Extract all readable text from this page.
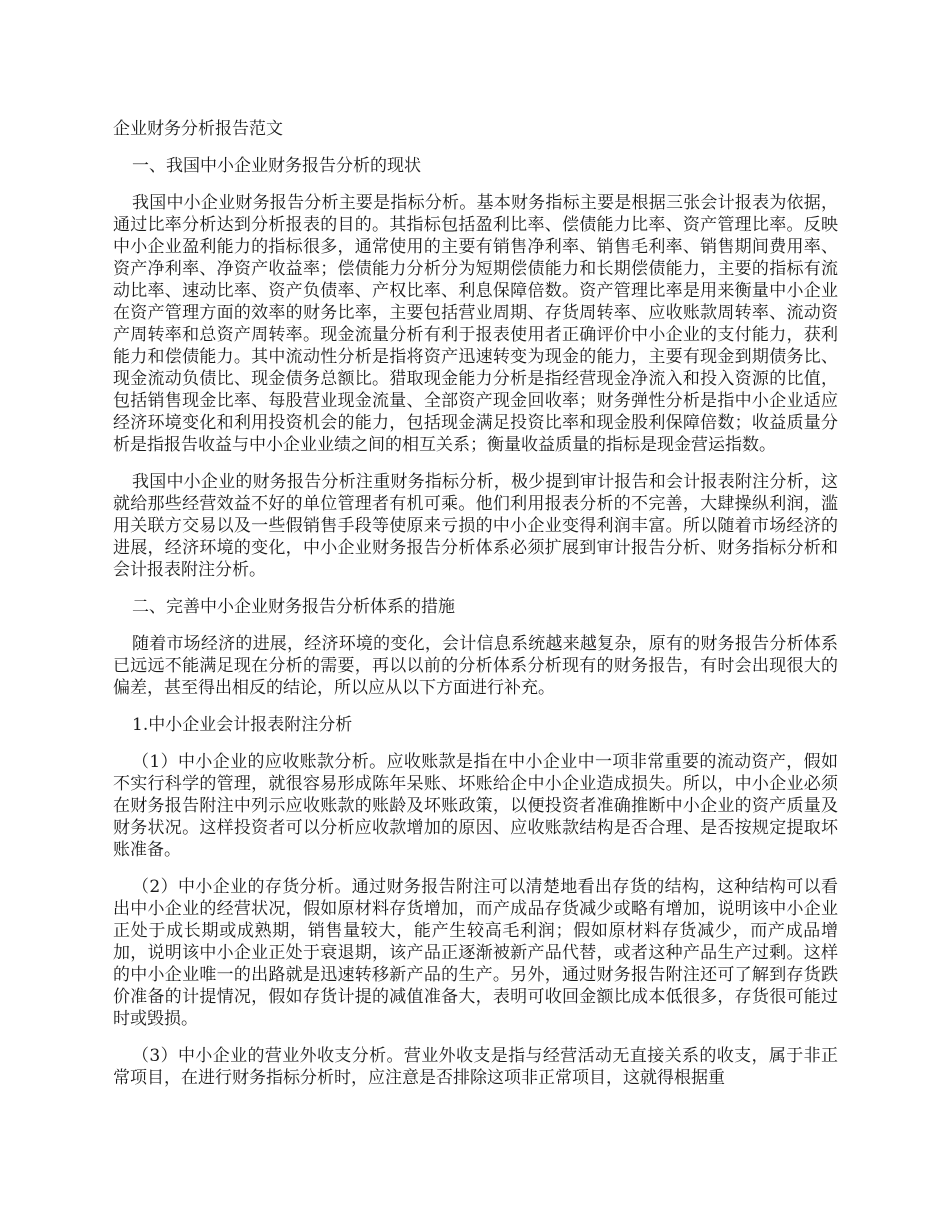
企业财务分析报告范文

一、我国中小企业财务报告分析的现状

我国中小企业财务报告分析主要是指标分析。基本财务指标主要是根据三张会计报表为依据，通过比率分析达到分析报表的目的。其指标包括盈利比率、偿债能力比率、资产管理比率。反映中小企业盈利能力的指标很多，通常使用的主要有销售净利率、销售毛利率、销售期间费用率、资产净利率、净资产收益率；偿债能力分析分为短期偿债能力和长期偿债能力，主要的指标有流动比率、速动比率、资产负债率、产权比率、利息保障倍数。资产管理比率是用来衡量中小企业在资产管理方面的效率的财务比率，主要包括营业周期、存货周转率、应收账款周转率、流动资产周转率和总资产周转率。现金流量分析有利于报表使用者正确评价中小企业的支付能力，获利能力和偿债能力。其中流动性分析是指将资产迅速转变为现金的能力，主要有现金到期债务比、现金流动负债比、现金债务总额比。猎取现金能力分析是指经营现金净流入和投入资源的比值，包括销售现金比率、每股营业现金流量、全部资产现金回收率；财务弹性分析是指中小企业适应经济环境变化和利用投资机会的能力，包括现金满足投资比率和现金股利保障倍数；收益质量分析是指报告收益与中小企业业绩之间的相互关系；衡量收益质量的指标是现金营运指数。

我国中小企业的财务报告分析注重财务指标分析，极少提到审计报告和会计报表附注分析，这就给那些经营效益不好的单位管理者有机可乘。他们利用报表分析的不完善，大肆操纵利润，滥用关联方交易以及一些假销售手段等使原来亏损的中小企业变得利润丰富。所以随着市场经济的进展，经济环境的变化，中小企业财务报告分析体系必须扩展到审计报告分析、财务指标分析和会计报表附注分析。

二、完善中小企业财务报告分析体系的措施

随着市场经济的进展，经济环境的变化，会计信息系统越来越复杂，原有的财务报告分析体系已远远不能满足现在分析的需要，再以以前的分析体系分析现有的财务报告，有时会出现很大的偏差，甚至得出相反的结论，所以应从以下方面进行补充。

1.中小企业会计报表附注分析

（1）中小企业的应收账款分析。应收账款是指在中小企业中一项非常重要的流动资产，假如不实行科学的管理，就很容易形成陈年呆账、坏账给企中小企业造成损失。所以，中小企业必须在财务报告附注中列示应收账款的账龄及坏账政策，以便投资者准确推断中小企业的资产质量及财务状况。这样投资者可以分析应收款增加的原因、应收账款结构是否合理、是否按规定提取坏账准备。

（2）中小企业的存货分析。通过财务报告附注可以清楚地看出存货的结构，这种结构可以看出中小企业的经营状况，假如原材料存货增加，而产成品存货减少或略有增加，说明该中小企业正处于成长期或成熟期，销售量较大，能产生较高毛利润；假如原材料存货减少，而产成品增加，说明该中小企业正处于衰退期，该产品正逐渐被新产品代替，或者这种产品生产过剩。这样的中小企业唯一的出路就是迅速转移新产品的生产。另外，通过财务报告附注还可了解到存货跌价准备的计提情况，假如存货计提的减值准备大，表明可收回金额比成本低很多，存货很可能过时或毁损。

（3）中小企业的营业外收支分析。营业外收支是指与经营活动无直接关系的收支，属于非正常项目，在进行财务指标分析时，应注意是否排除这项非正常项目，这就得根据重
